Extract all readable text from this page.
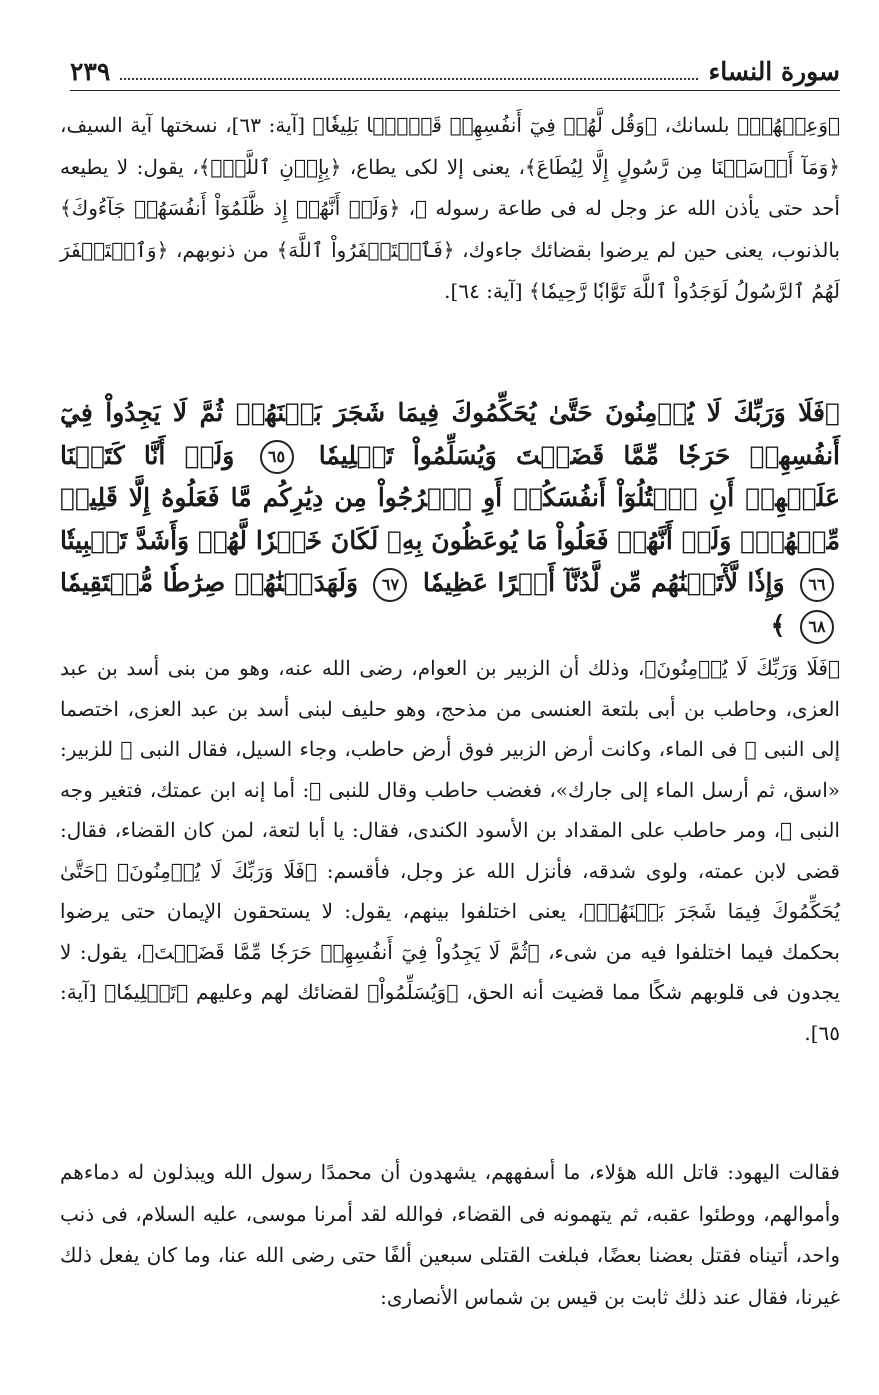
سورة النساء
٢٣٩

﴿وَعِظۡهُمۡ﴾ بلسانك، ﴿وَقُل لَّهُمۡ فِيٓ أَنفُسِهِمۡ قَوۡلَۢا بَلِيغٗا﴾ [آية: ٦٣]، نسختها آية السيف، ﴿وَمَآ أَرۡسَلۡنَا مِن رَّسُولٍ إِلَّا لِيُطَاعَ﴾، يعنى إلا لكى يطاع، ﴿بِإِذۡنِ ٱللَّهِۚ﴾، يقول: لا يطيعه أحد حتى يأذن الله عز وجل له فى طاعة رسوله ﷺ، ﴿وَلَوۡ أَنَّهُمۡ إِذ ظَّلَمُوٓاْ أَنفُسَهُمۡ جَآءُوكَ﴾ بالذنوب، يعنى حين لم يرضوا بقضائك جاءوك، ﴿فَٱسۡتَغۡفَرُواْ ٱللَّهَ﴾ من ذنوبهم، ﴿وَٱسۡتَغۡفَرَ لَهُمُ ٱلرَّسُولُ لَوَجَدُواْ ٱللَّهَ تَوَّابٗا رَّحِيمٗا﴾ [آية: ٦٤].

﴿فَلَا وَرَبِّكَ لَا يُؤۡمِنُونَ حَتَّىٰ يُحَكِّمُوكَ فِيمَا شَجَرَ بَيۡنَهُمۡ ثُمَّ لَا يَجِدُواْ فِيٓ أَنفُسِهِمۡ حَرَجٗا مِّمَّا قَضَيۡتَ وَيُسَلِّمُواْ تَسۡلِيمٗا ٦٥ وَلَوۡ أَنَّا كَتَبۡنَا عَلَيۡهِمۡ أَنِ ٱقۡتُلُوٓاْ أَنفُسَكُمۡ أَوِ ٱخۡرُجُواْ مِن دِيَٰرِكُم مَّا فَعَلُوهُ إِلَّا قَلِيلٞ مِّنۡهُمۡۖ وَلَوۡ أَنَّهُمۡ فَعَلُواْ مَا يُوعَظُونَ بِهِۦ لَكَانَ خَيۡرٗا لَّهُمۡ وَأَشَدَّ تَثۡبِيتٗا ٦٦ وَإِذٗا لَّأٓتَيۡنَٰهُم مِّن لَّدُنَّآ أَجۡرًا عَظِيمٗا ٦٧ وَلَهَدَيۡنَٰهُمۡ صِرَٰطٗا مُّسۡتَقِيمٗا ٦٨ ﴾

﴿فَلَا وَرَبِّكَ لَا يُؤۡمِنُونَ﴾، وذلك أن الزبير بن العوام، رضى الله عنه، وهو من بنى أسد بن عبد العزى، وحاطب بن أبى بلتعة العنسى من مذحج، وهو حليف لبنى أسد بن عبد العزى، اختصما إلى النبى ﷺ فى الماء، وكانت أرض الزبير فوق أرض حاطب، وجاء السيل، فقال النبى ﷺ للزبير: «اسق، ثم أرسل الماء إلى جارك»، فغضب حاطب وقال للنبى ﷺ: أما إنه ابن عمتك، فتغير وجه النبى ﷺ، ومر حاطب على المقداد بن الأسود الكندى، فقال: يا أبا لتعة، لمن كان القضاء، فقال: قضى لابن عمته، ولوى شدقه، فأنزل الله عز وجل، فأقسم: ﴿فَلَا وَرَبِّكَ لَا يُؤۡمِنُونَ﴾ ﴿حَتَّىٰ يُحَكِّمُوكَ فِيمَا شَجَرَ بَيۡنَهُمۡ﴾، يعنى اختلفوا بينهم، يقول: لا يستحقون الإيمان حتى يرضوا بحكمك فيما اختلفوا فيه من شىء، ﴿ثُمَّ لَا يَجِدُواْ فِيٓ أَنفُسِهِمۡ حَرَجٗا مِّمَّا قَضَيۡتَ﴾، يقول: لا يجدون فى قلوبهم شكًا مما قضيت أنه الحق، ﴿وَيُسَلِّمُواْ﴾ لقضائك لهم وعليهم ﴿تَسۡلِيمٗا﴾ [آية: ٦٥].

فقالت اليهود: قاتل الله هؤلاء، ما أسفههم، يشهدون أن محمدًا رسول الله ويبذلون له دماءهم وأموالهم، ووطئوا عقبه، ثم يتهمونه فى القضاء، فوالله لقد أمرنا موسى، عليه السلام، فى ذنب واحد، أتيناه فقتل بعضنا بعضًا، فبلغت القتلى سبعين ألفًا حتى رضى الله عنا، وما كان يفعل ذلك غيرنا، فقال عند ذلك ثابت بن قيس بن شماس الأنصارى:
